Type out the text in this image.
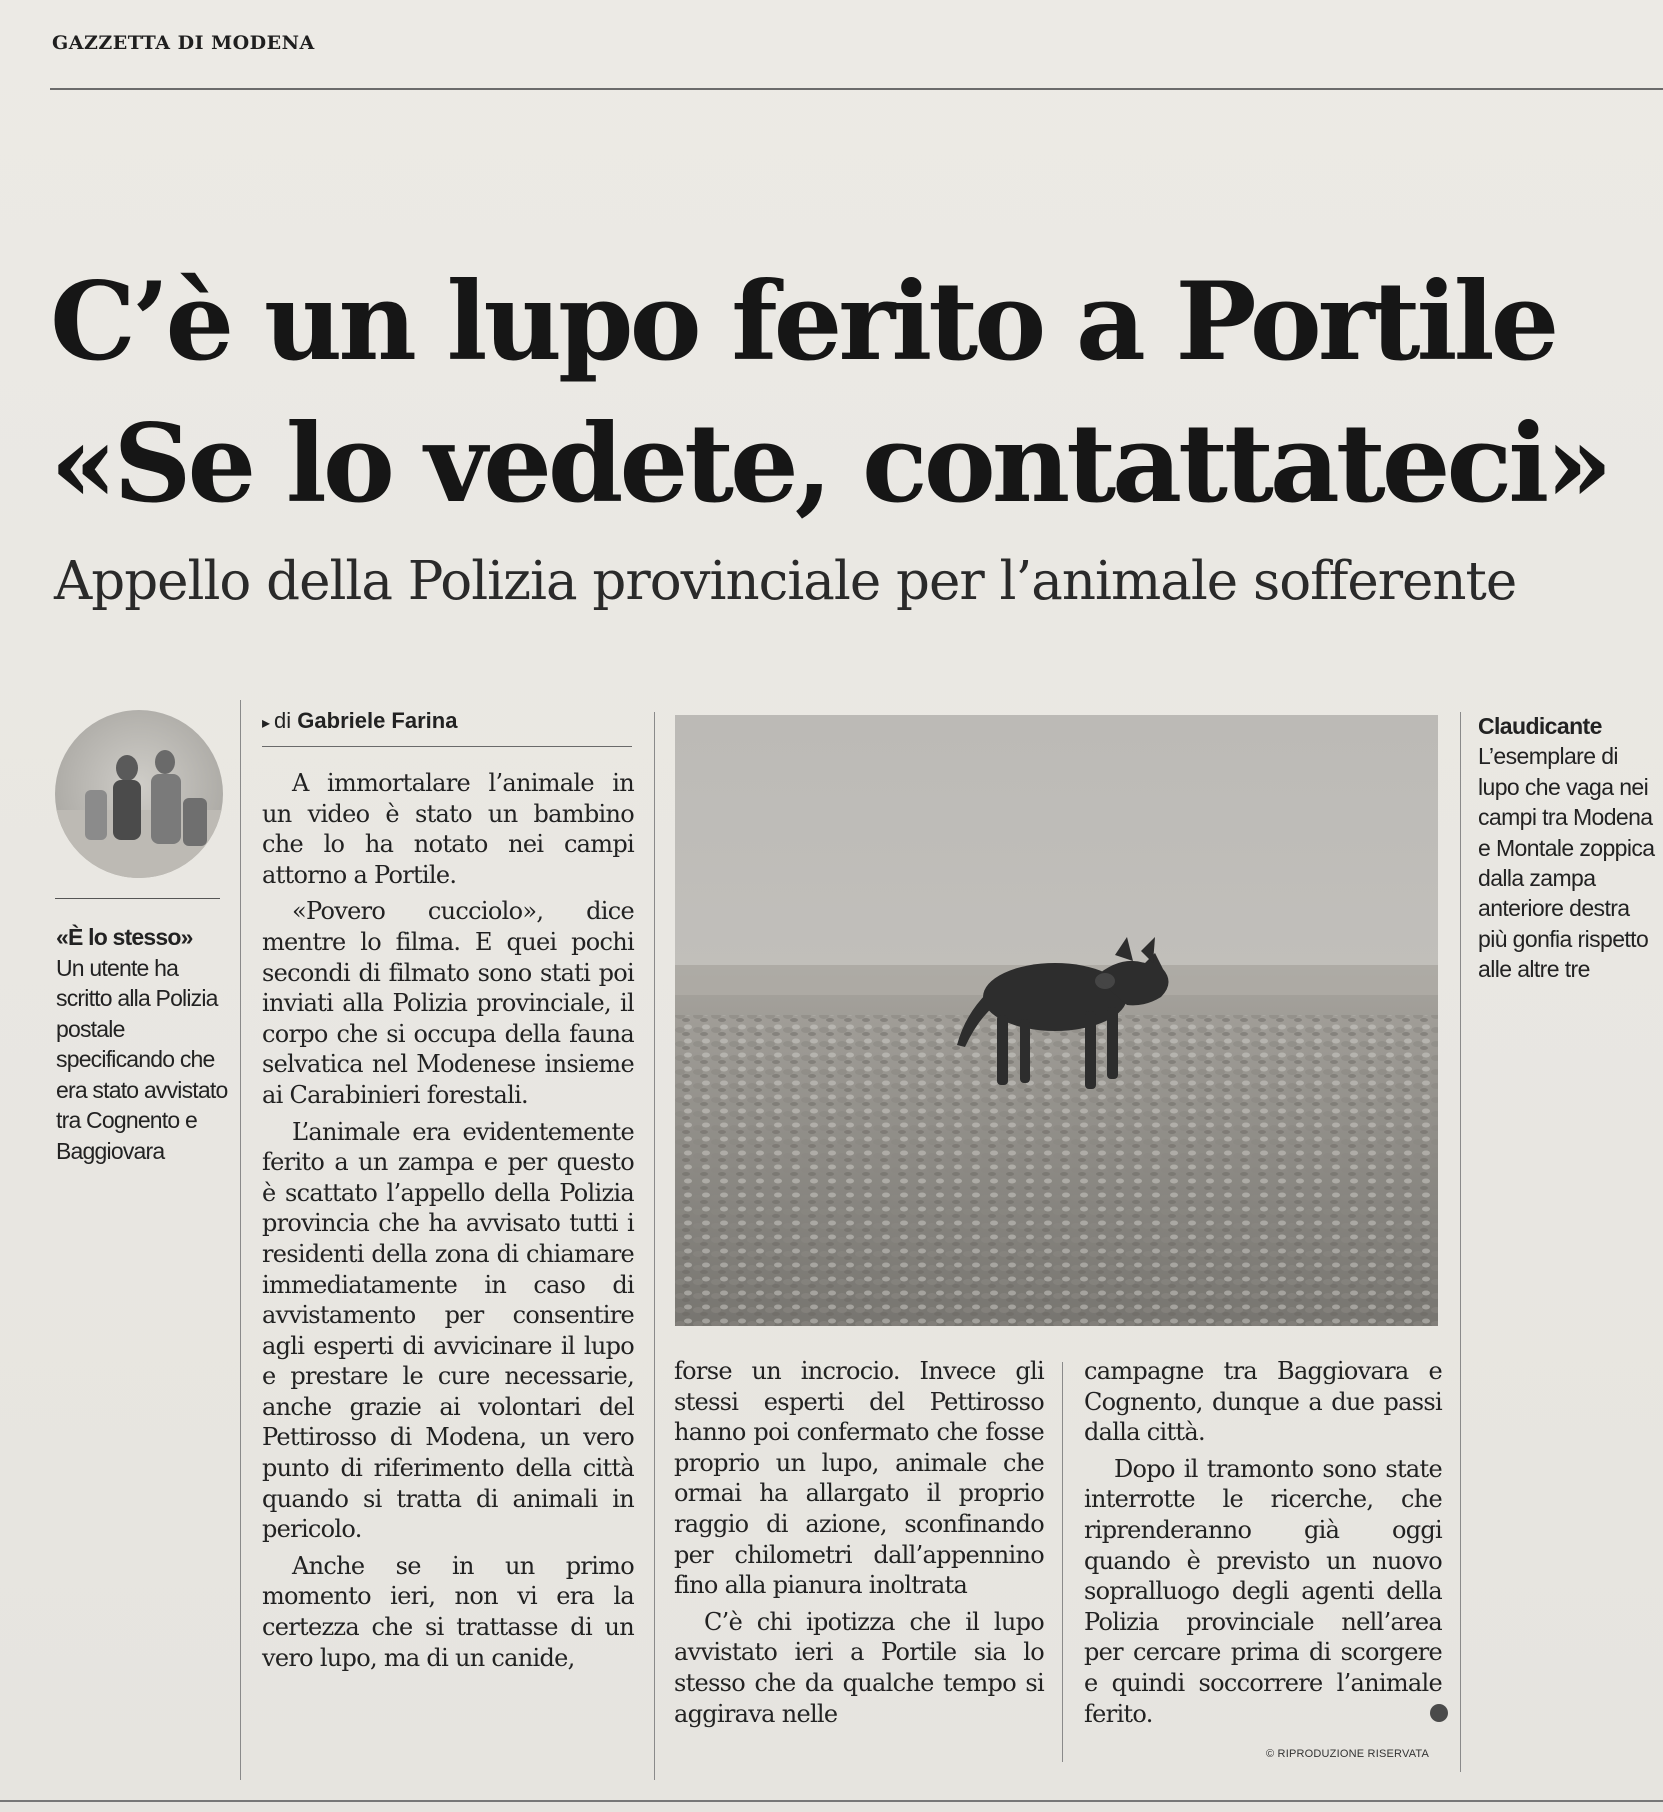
GAZZETTA DI MODENA
C’è un lupo ferito a Portile
«Se lo vedete, contattateci»
Appello della Polizia provinciale per l’animale sofferente
«È lo stesso»
Un utente ha scritto alla Polizia postale specificando che era stato avvistato tra Cognento e Baggiovara
▸ di Gabriele Farina

A immortalare l’animale in un video è stato un bambino che lo ha notato nei campi attorno a Portile.

«Povero cucciolo», dice mentre lo filma. E quei pochi secondi di filmato sono stati poi inviati alla Polizia provinciale, il corpo che si occupa della fauna selvatica nel Modenese insieme ai Carabinieri forestali.

L’animale era evidentemente ferito a un zampa e per questo è scattato l’appello della Polizia provincia che ha avvisato tutti i residenti della zona di chiamare immediatamente in caso di avvistamento per consentire agli esperti di avvicinare il lupo e prestare le cure necessarie, anche grazie ai volontari del Pettirosso di Modena, un vero punto di riferimento della città quando si tratta di animali in pericolo.

Anche se in un primo momento ieri, non vi era la certezza che si trattasse di un vero lupo, ma di un canide,

Claudicante
L’esemplare di lupo che vaga nei campi tra Modena e Montale zoppica dalla zampa anteriore destra più gonfia rispetto alle altre tre

forse un incrocio. Invece gli stessi esperti del Pettirosso hanno poi confermato che fosse proprio un lupo, animale che ormai ha allargato il proprio raggio di azione, sconfinando per chilometri dall’appennino fino alla pianura inoltrata

C’è chi ipotizza che il lupo avvistato ieri a Portile sia lo stesso che da qualche tempo si aggirava nelle

campagne tra Baggiovara e Cognento, dunque a due passi dalla città.

Dopo il tramonto sono state interrotte le ricerche, che riprenderanno già oggi quando è previsto un nuovo sopralluogo degli agenti della Polizia provinciale nell’area per cercare prima di scorgere e quindi soccorrere l’animale ferito.

© RIPRODUZIONE RISERVATA
